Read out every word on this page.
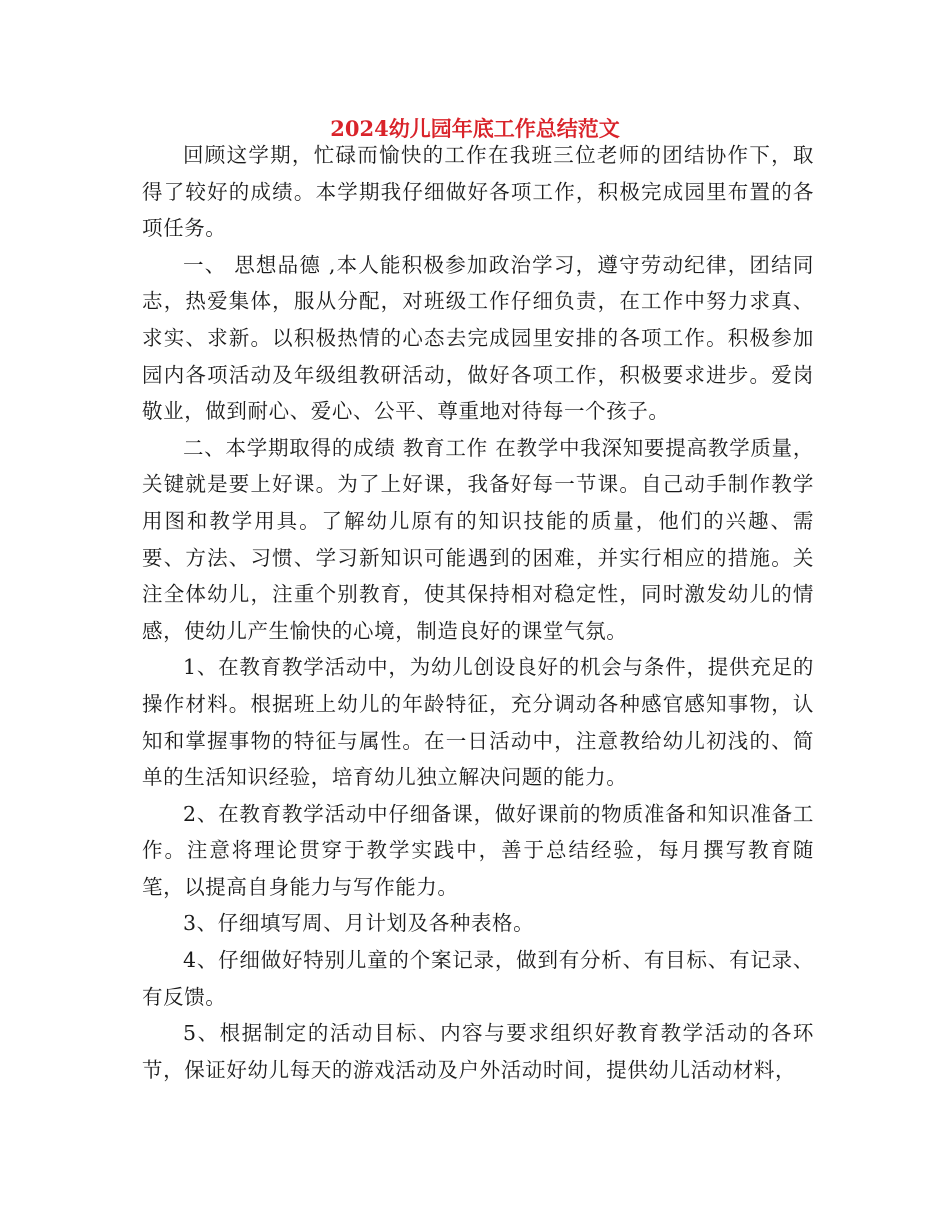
2024幼儿园年底工作总结范文

回顾这学期，忙碌而愉快的工作在我班三位老师的团结协作下，取得了较好的成绩。本学期我仔细做好各项工作，积极完成园里布置的各项任务。

一、 思想品德 ,本人能积极参加政治学习，遵守劳动纪律，团结同志，热爱集体，服从分配，对班级工作仔细负责，在工作中努力求真、求实、求新。以积极热情的心态去完成园里安排的各项工作。积极参加园内各项活动及年级组教研活动，做好各项工作，积极要求进步。爱岗敬业，做到耐心、爱心、公平、尊重地对待每一个孩子。

二、本学期取得的成绩 教育工作 在教学中我深知要提高教学质量，关键就是要上好课。为了上好课，我备好每一节课。自己动手制作教学用图和教学用具。了解幼儿原有的知识技能的质量，他们的兴趣、需要、方法、习惯、学习新知识可能遇到的困难，并实行相应的措施。关注全体幼儿，注重个别教育，使其保持相对稳定性，同时激发幼儿的情感，使幼儿产生愉快的心境，制造良好的课堂气氛。

1、在教育教学活动中，为幼儿创设良好的机会与条件，提供充足的操作材料。根据班上幼儿的年龄特征，充分调动各种感官感知事物，认知和掌握事物的特征与属性。在一日活动中，注意教给幼儿初浅的、简单的生活知识经验，培育幼儿独立解决问题的能力。

2、在教育教学活动中仔细备课，做好课前的物质准备和知识准备工作。注意将理论贯穿于教学实践中，善于总结经验，每月撰写教育随笔，以提高自身能力与写作能力。

3、仔细填写周、月计划及各种表格。

4、仔细做好特别儿童的个案记录，做到有分析、有目标、有记录、有反馈。

5、根据制定的活动目标、内容与要求组织好教育教学活动的各环节，保证好幼儿每天的游戏活动及户外活动时间，提供幼儿活动材料，
